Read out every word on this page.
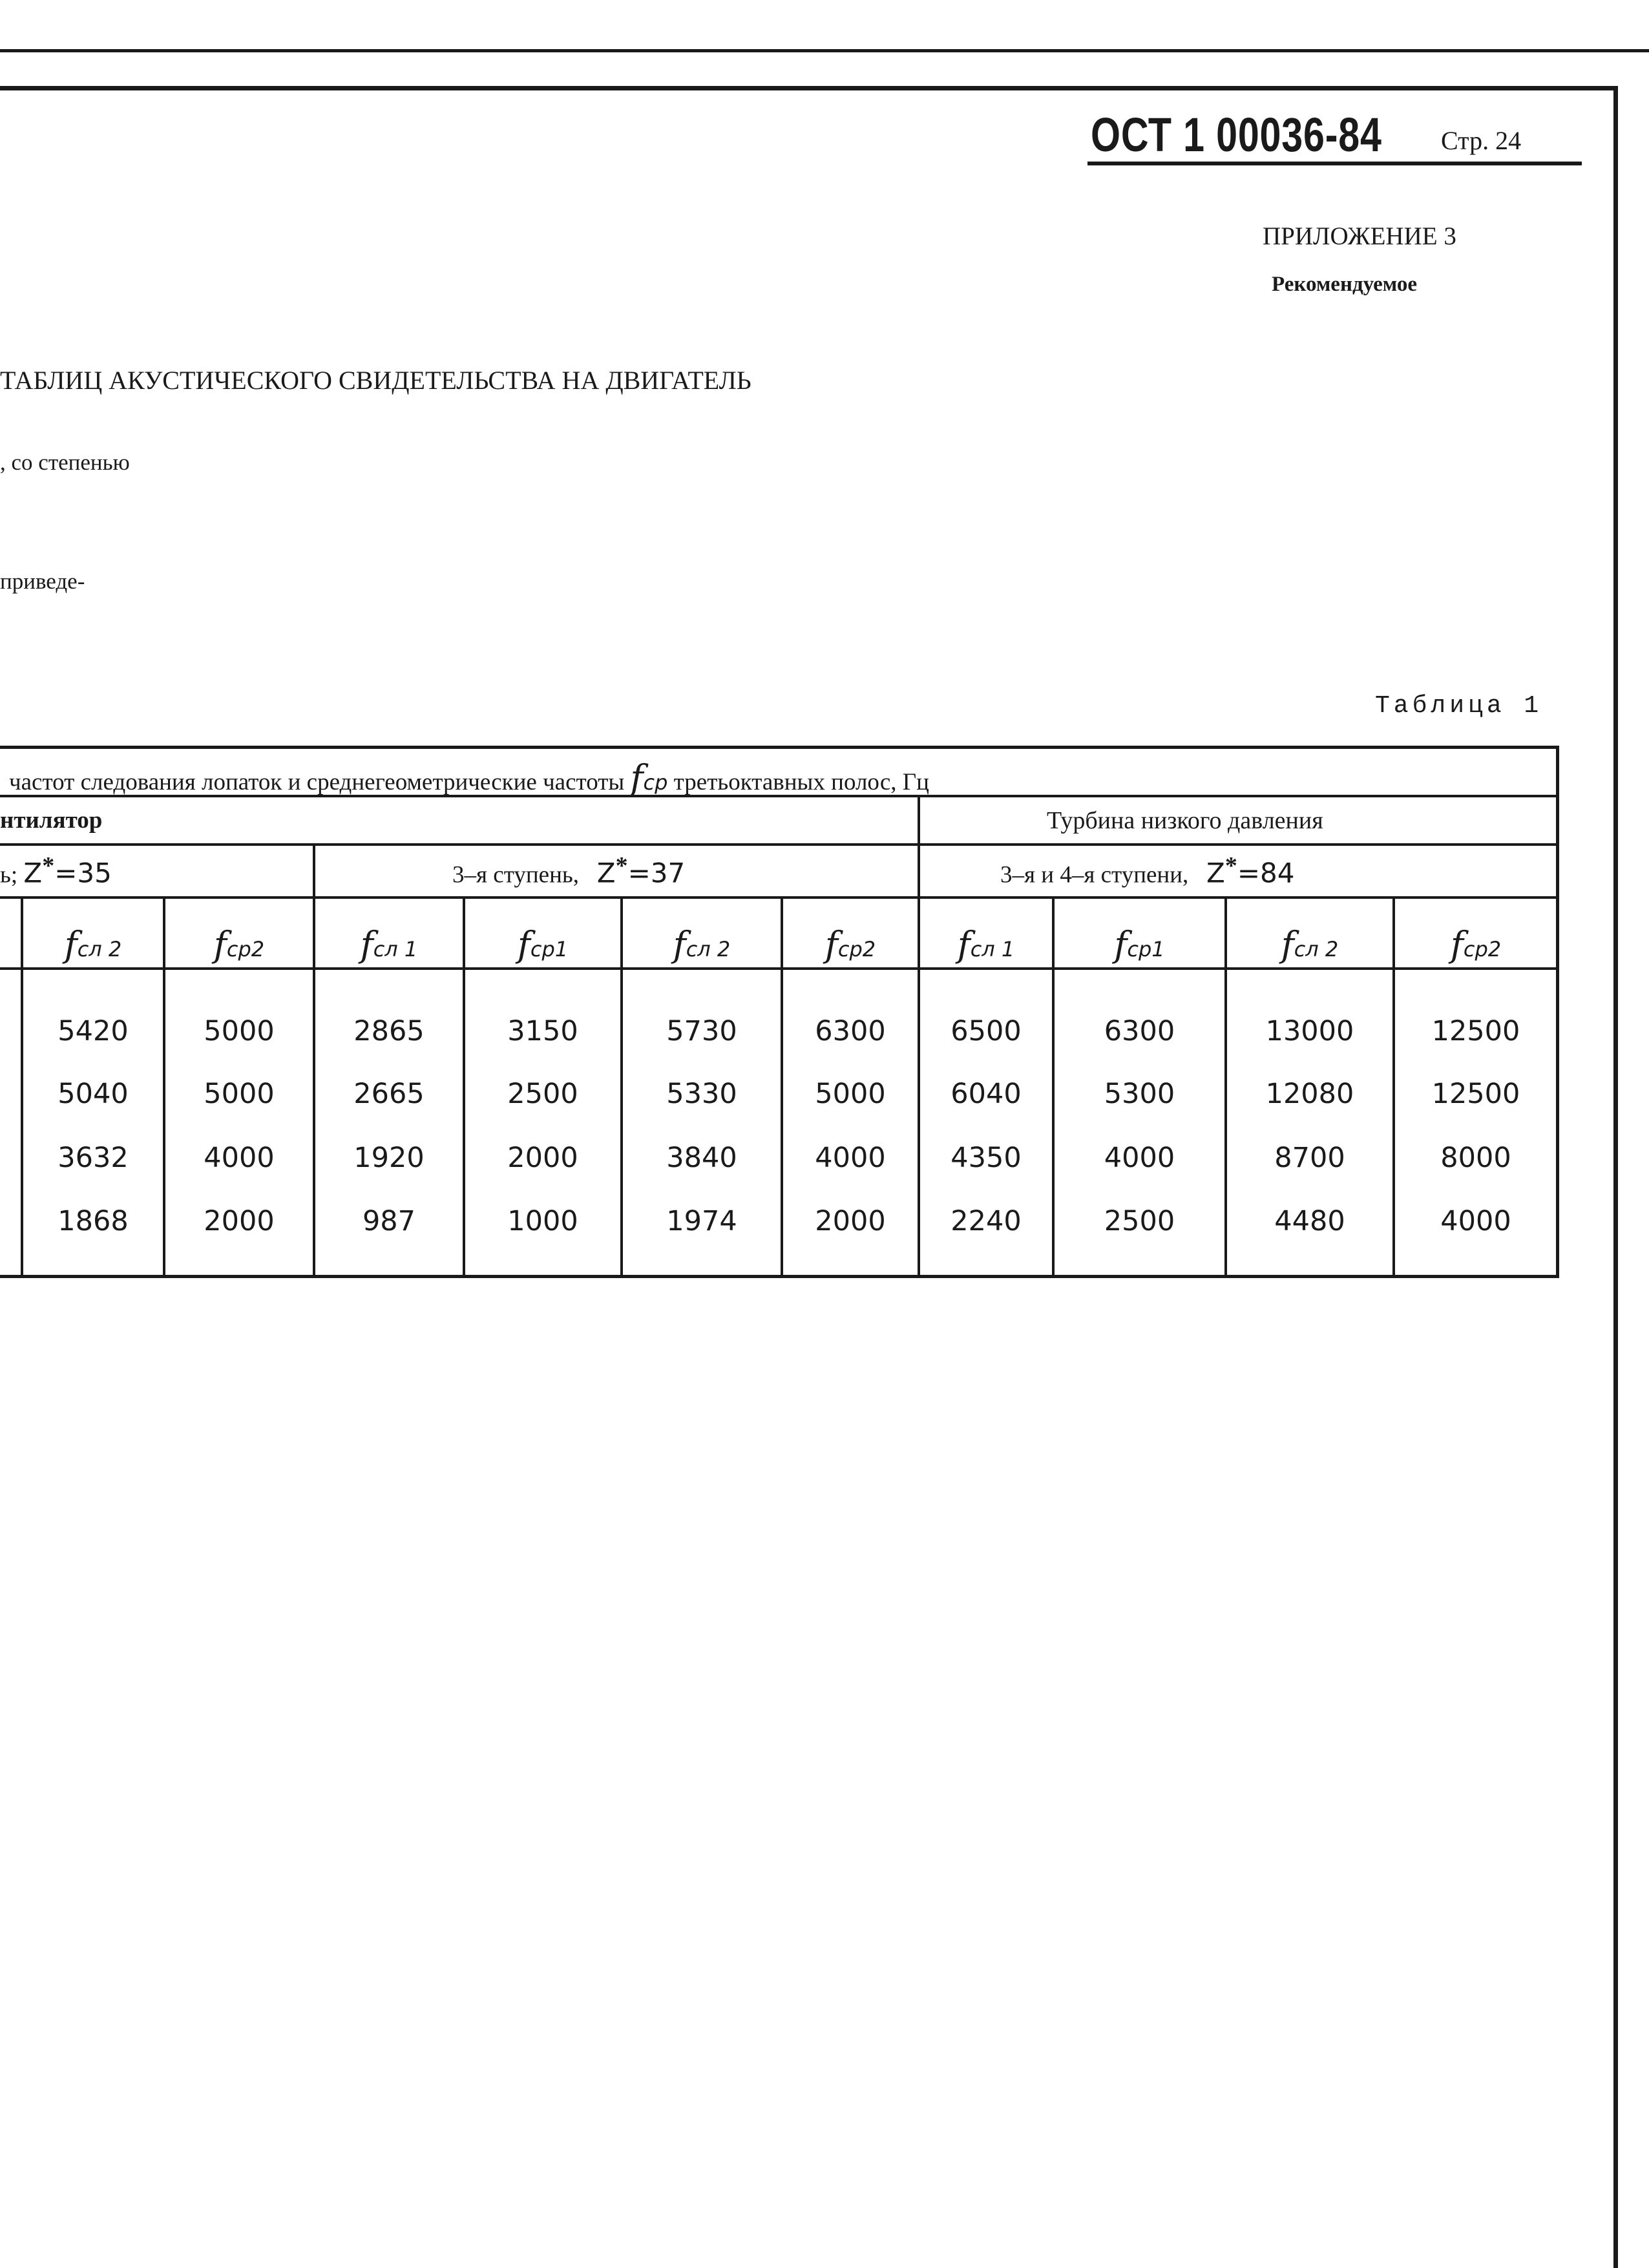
ОСТ 1 00036-84 Стр. 24
ПРИЛОЖЕНИЕ 3
Рекомендуемое
ТАБЛИЦ АКУСТИЧЕСКОГО СВИДЕТЕЛЬСТВА НА ДВИГАТЕЛЬ
, со степенью
приведе-
Таблица 1
частот следования лопаток и среднегеометрические частоты fср третьоктавных полос, Гц
нтилятор	Турбина низкого давления
ь; Z*=35	3–я ступень, Z*=37	3–я и 4–я ступени, Z*=84
fсл 2	fср2	fсл 1	fср1	fсл 2	fср2	fсл 1	fср1	fсл 2	fср2
5420	5000	2865	3150	5730	6300	6500	6300	13000	12500
5040	5000	2665	2500	5330	5000	6040	5300	12080	12500
3632	4000	1920	2000	3840	4000	4350	4000	8700	8000
1868	2000	987	1000	1974	2000	2240	2500	4480	4000
